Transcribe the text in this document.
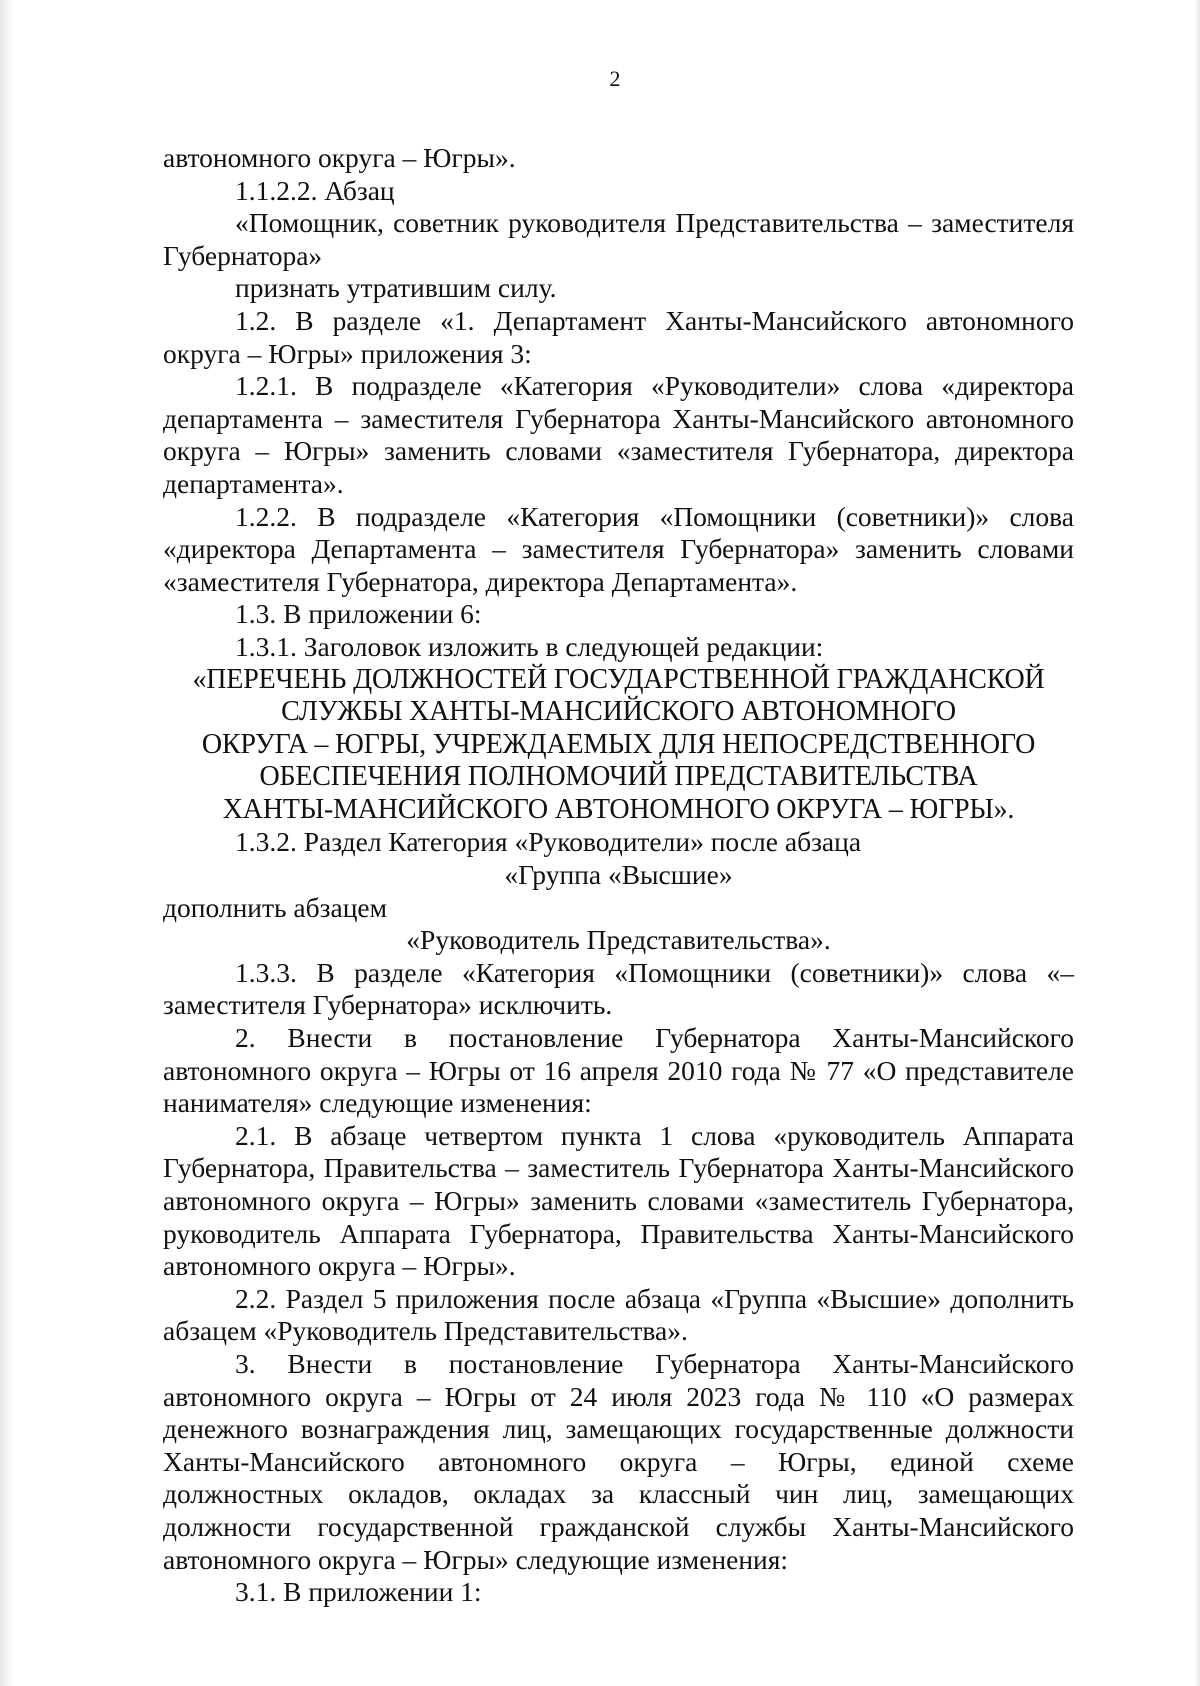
2

автономного округа – Югры».

1.1.2.2. Абзац

«Помощник, советник руководителя Представительства – заместителя Губернатора»

признать утратившим силу.

1.2. В разделе «1. Департамент Ханты-Мансийского автономного округа – Югры» приложения 3:

1.2.1. В подразделе «Категория «Руководители» слова «директора департамента – заместителя Губернатора Ханты-Мансийского автономного округа – Югры» заменить словами «заместителя Губернатора, директора департамента».

1.2.2. В подразделе «Категория «Помощники (советники)» слова «директора Департамента – заместителя Губернатора» заменить словами «заместителя Губернатора, директора Департамента».

1.3. В приложении 6:

1.3.1. Заголовок изложить в следующей редакции:

«ПЕРЕЧЕНЬ ДОЛЖНОСТЕЙ ГОСУДАРСТВЕННОЙ ГРАЖДАНСКОЙ

СЛУЖБЫ ХАНТЫ-МАНСИЙСКОГО АВТОНОМНОГО

ОКРУГА – ЮГРЫ, УЧРЕЖДАЕМЫХ ДЛЯ НЕПОСРЕДСТВЕННОГО

ОБЕСПЕЧЕНИЯ ПОЛНОМОЧИЙ ПРЕДСТАВИТЕЛЬСТВА

ХАНТЫ-МАНСИЙСКОГО АВТОНОМНОГО ОКРУГА – ЮГРЫ».

1.3.2. Раздел Категория «Руководители» после абзаца

«Группа «Высшие»

дополнить абзацем

«Руководитель Представительства».

1.3.3. В разделе «Категория «Помощники (советники)» слова «– заместителя Губернатора» исключить.

2. Внести в постановление Губернатора Ханты-Мансийского автономного округа – Югры от 16 апреля 2010 года № 77 «О представителе нанимателя» следующие изменения:

2.1. В абзаце четвертом пункта 1 слова «руководитель Аппарата Губернатора, Правительства – заместитель Губернатора Ханты-Мансийского автономного округа – Югры» заменить словами «заместитель Губернатора, руководитель Аппарата Губернатора, Правительства Ханты-Мансийского автономного округа – Югры».

2.2. Раздел 5 приложения после абзаца «Группа «Высшие» дополнить абзацем «Руководитель Представительства».

3. Внести в постановление Губернатора Ханты-Мансийского автономного округа – Югры от 24 июля 2023 года № 110 «О размерах денежного вознаграждения лиц, замещающих государственные должности Ханты-Мансийского автономного округа – Югры, единой схеме должностных окладов, окладах за классный чин лиц, замещающих должности государственной гражданской службы Ханты-Мансийского автономного округа – Югры» следующие изменения:

3.1. В приложении 1:
